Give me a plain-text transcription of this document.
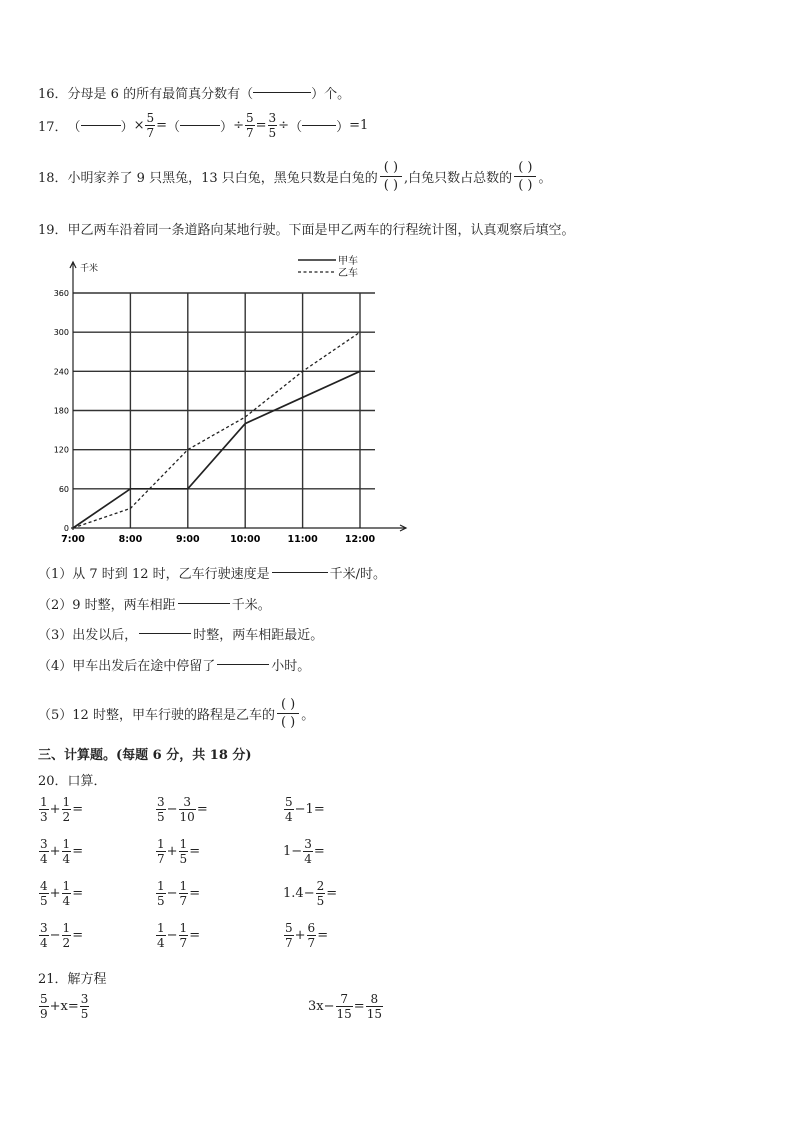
16． 分母是 6 的所有最简真分数有（	）个。
17． （	） × $\frac{5}{7}$ = （	） ÷ $\frac{5}{7} = \frac{3}{5}$ ÷ （	） =1
18． 小明家养了 9 只黑兔，13 只白兔，黑兔只数是白兔的
( )
( ) ,白兔只数占总数的
( )
( ) 。
19． 甲乙两车沿着同一条道路向某地行驶。下面是甲乙两车的行程统计图，认真观察后填空。
千米
0
60
120
180
240
300
360
7:00	8:00	9:00	10:00	11:00	12:00
甲车
乙车
（1）从 7 时到 12 时，乙车行驶速度是	千米/时。
（2）9 时整，两车相距	千米。
（3）出发以后，	时整，两车相距最近。
（4）甲车出发后在途中停留了	小时。
（5）12 时整，甲车行驶的路程是乙车的
( )
( ) 。
三、计算题。(每题 6 分，共 18 分)
20．口算．
$\frac{1}{3} + \frac{1}{2}$ =	$\frac{3}{5} - \frac{3}{10}$ =	$\frac{5}{4} - 1$ =
$\frac{3}{4} + \frac{1}{4}$ =	$\frac{1}{7} + \frac{1}{5}$ =	$1 - \frac{3}{4}$ =
$\frac{4}{5} + \frac{1}{4}$ =	$\frac{1}{5} - \frac{1}{7}$ =	$1.4 - \frac{2}{5}$ =
$\frac{3}{4} - \frac{1}{2}$ =	$\frac{1}{4} - \frac{1}{7}$ =	$\frac{5}{7} + \frac{6}{7}$ =
21．解方程
$\frac{5}{9} +x= \frac{3}{5}$	$3x- \frac{7}{15} = \frac{8}{15}$
